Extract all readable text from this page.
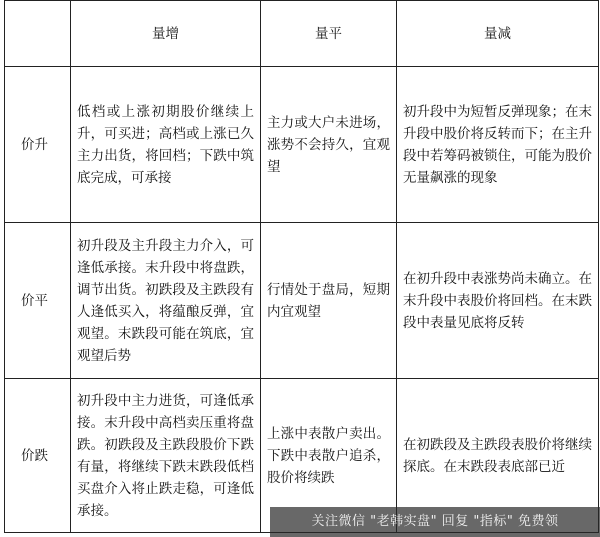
	量增	量平	量减
价升	低档或上涨初期股价继续上升，可买进；高档或上涨已久主力出货，将回档；下跌中筑底完成，可承接	主力或大户未进场，涨势不会持久，宜观望	初升段中为短暂反弹现象；在末升段中股价将反转而下；在主升段中若筹码被锁住，可能为股价无量飙涨的现象
价平	初升段及主升段主力介入，可逢低承接。末升段中将盘跌，调节出货。初跌段及主跌段有人逢低买入，将蕴酿反弹，宜观望。末跌段可能在筑底，宜观望后势	行情处于盘局，短期内宜观望	在初升段中表涨势尚未确立。在末升段中表股价将回档。在末跌段中表量见底将反转
价跌	初升段中主力进货，可逢低承接。末升段中高档卖压重将盘跌。初跌段及主跌段股价下跌有量，将继续下跌末跌段低档买盘介入将止跌走稳，可逢低承接。	上涨中表散户卖出。下跌中表散户追杀，股价将续跌	在初跌段及主跌段表股价将继续探底。在末跌段表底部已近
关注微信 "老韩实盘" 回复 "指标" 免费领
